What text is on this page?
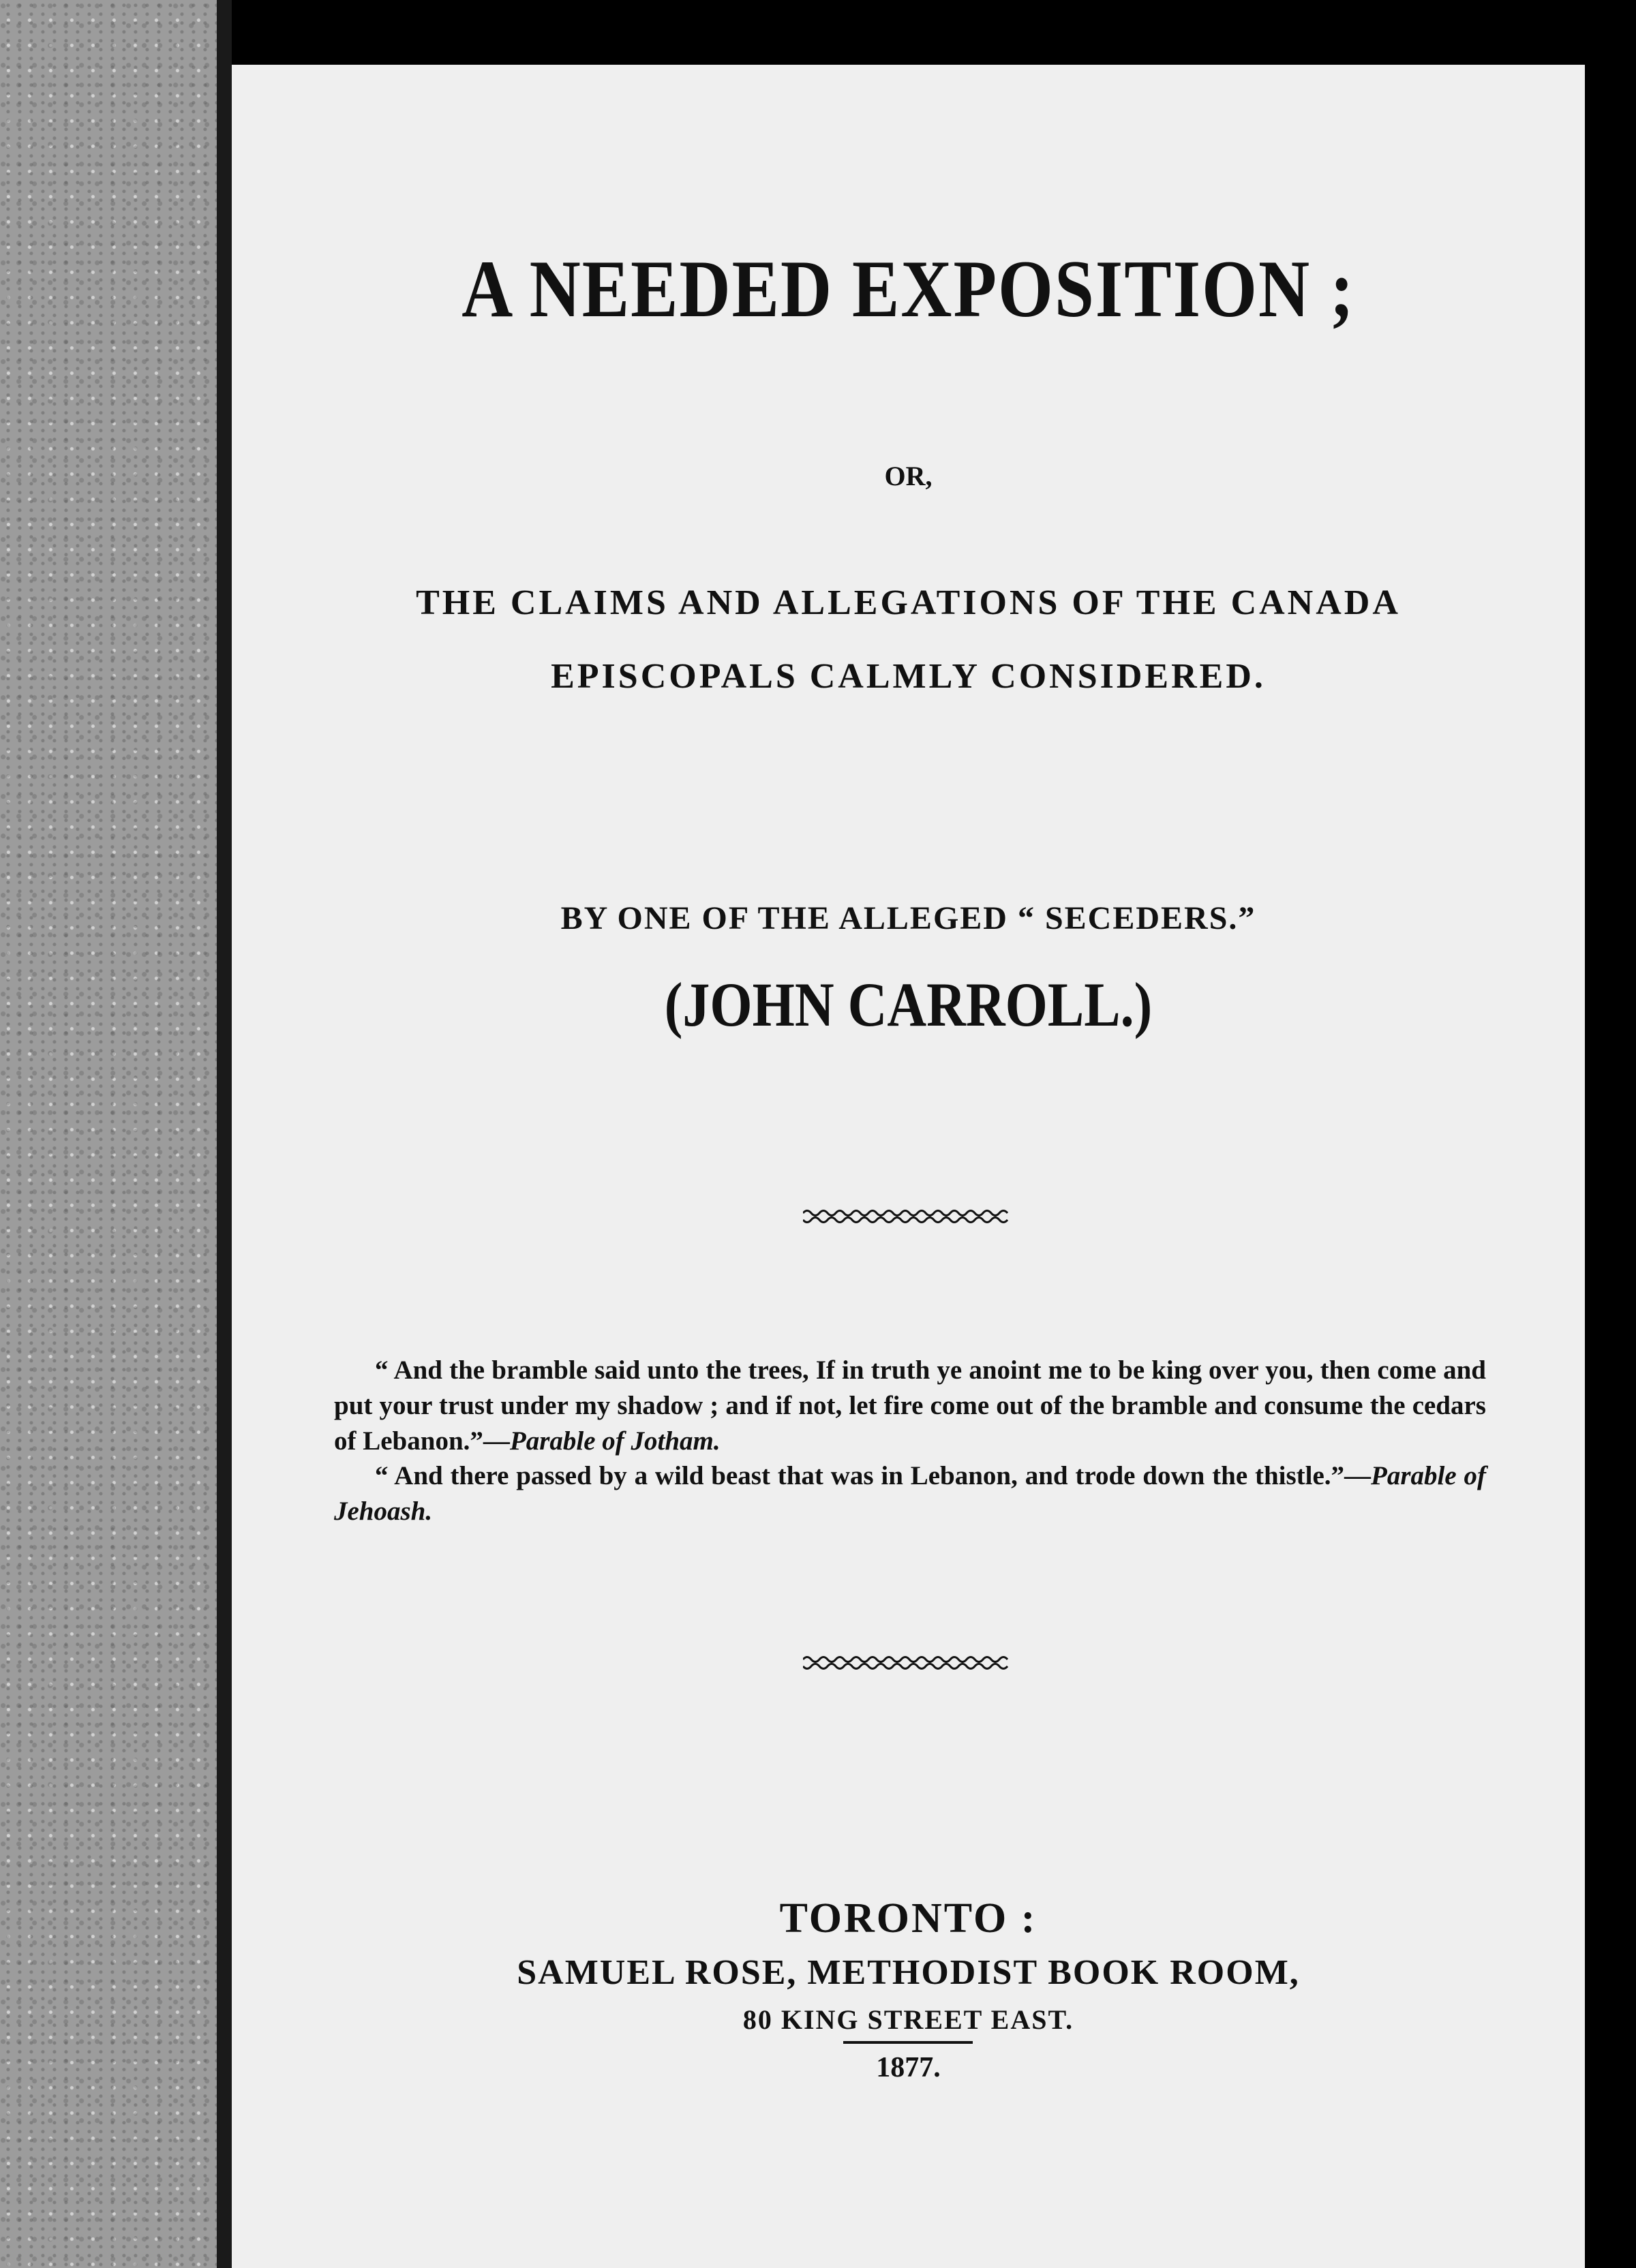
A NEEDED EXPOSITION ;

OR,

THE CLAIMS AND ALLEGATIONS OF THE CANADA

EPISCOPALS CALMLY CONSIDERED.

BY ONE OF THE ALLEGED “ SECEDERS.”

(JOHN CARROLL.)

“ And the bramble said unto the trees, If in truth ye anoint me to be king over you, then come and put your trust under my shadow ; and if not, let fire come out of the bramble and consume the cedars of Lebanon.”—Parable of Jotham.

“ And there passed by a wild beast that was in Lebanon, and trode down the thistle.”—Parable of Jehoash.

TORONTO :

SAMUEL ROSE, METHODIST BOOK ROOM,

80 KING STREET EAST.

1877.
